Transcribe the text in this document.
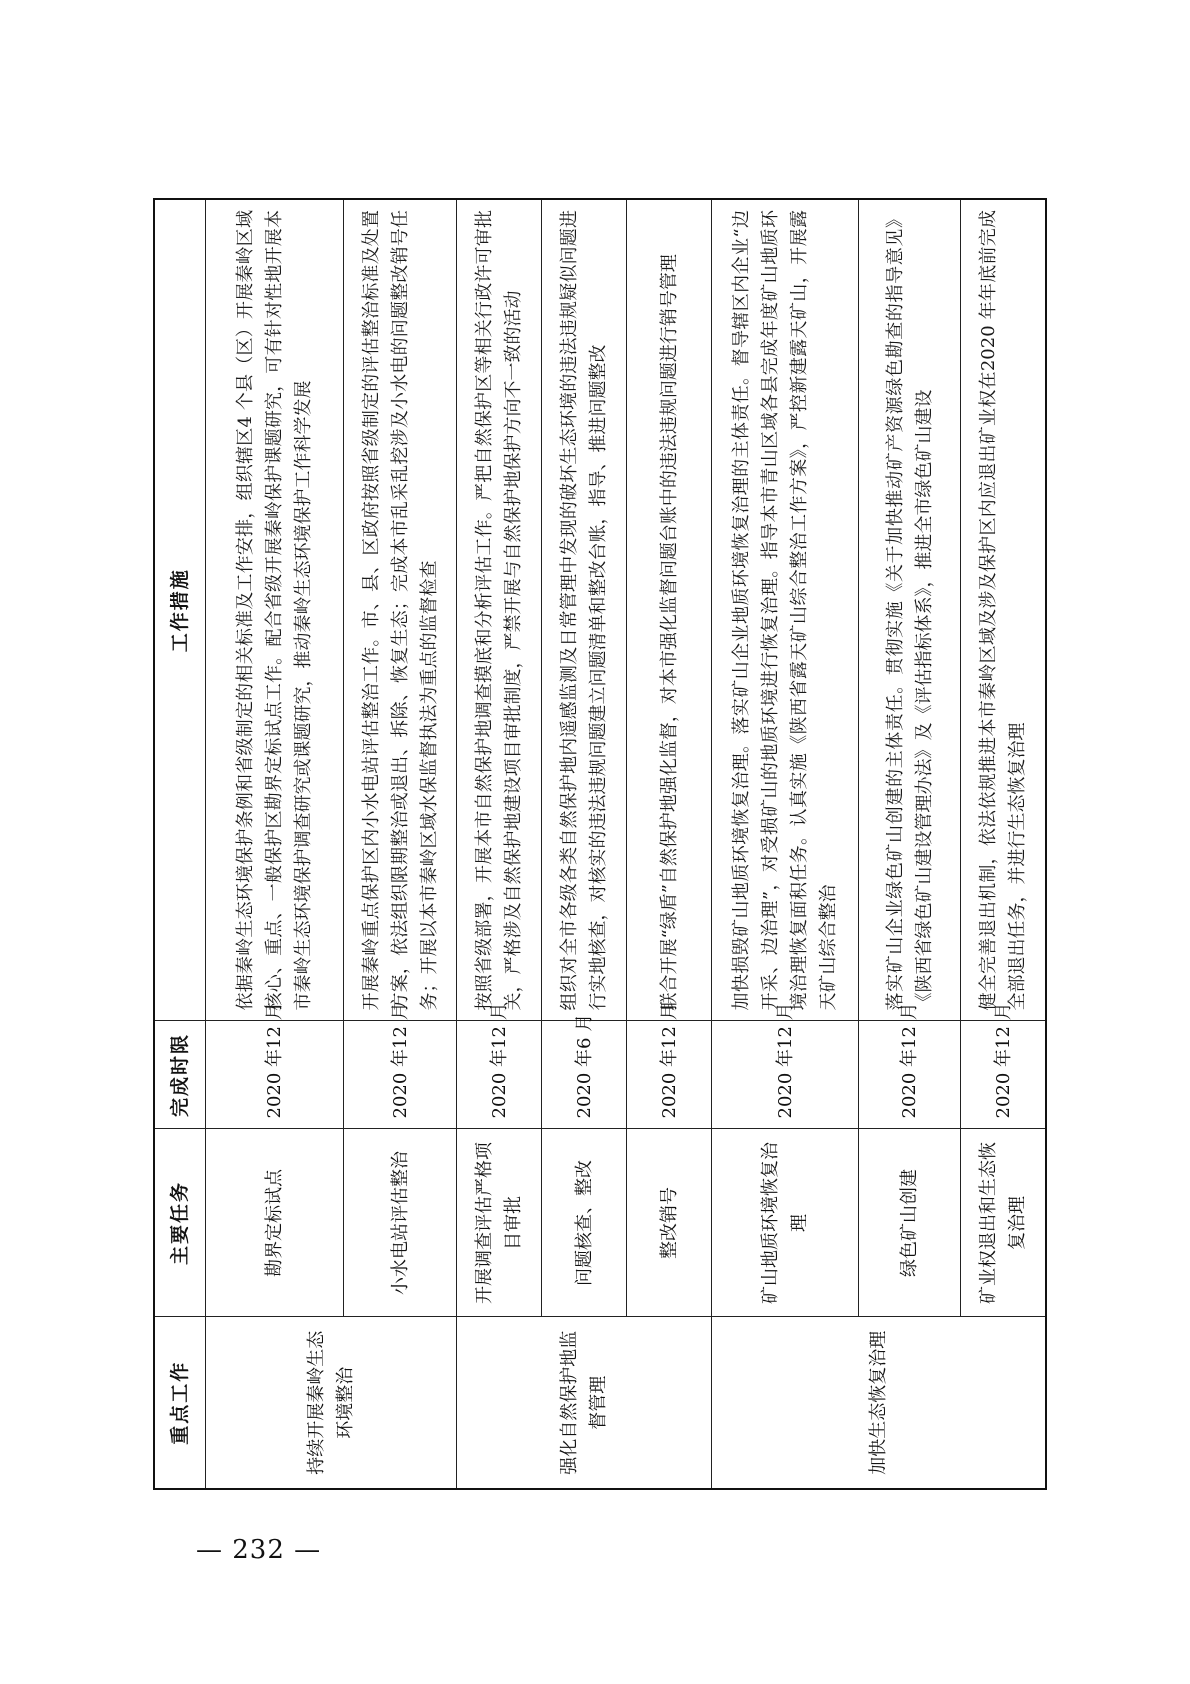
重点工作	主要任务	完成时限	工作措施
持续开展秦岭生态环境整治	勘界定标试点	2020 年12 月	依据秦岭生态环境保护条例和省级制定的相关标准及工作安排，组织辖区4 个县（区）开展秦岭区域核心、重点、一般保护区勘界定标试点工作。配合省级开展秦岭保护课题研究，可有针对性地开展本市秦岭生态环境保护调查研究或课题研究，推动秦岭生态环境保护工作科学发展
	小水电站评估整治	2020 年12 月	开展秦岭重点保护区内小水电站评估整治工作。市、县、区政府按照省级制定的评估整治标准及处置方案，依法组织限期整治或退出、拆除、恢复生态；完成本市乱采乱挖涉及小水电的问题整改销号任务；开展以本市秦岭区域水保监督执法为重点的监督检查
强化自然保护地监督管理	开展调查评估严格项目审批	2020 年12 月	按照省级部署，开展本市自然保护地调查摸底和分析评估工作。严把自然保护区等相关行政许可审批关，严格涉及自然保护地建设项目审批制度，严禁开展与自然保护地保护方向不一致的活动
	问题核查、整改	2020 年6 月	组织对全市各级各类自然保护地内遥感监测及日常管理中发现的破坏生态环境的违法违规疑似问题进行实地核查，对核实的违法违规问题建立问题清单和整改台账，指导、推进问题整改
	整改销号	2020 年12 月	联合开展“绿盾”自然保护地强化监督，对本市强化监督问题台账中的违法违规问题进行销号管理
加快生态恢复治理	矿山地质环境恢复治理	2020 年12 月	加快损毁矿山地质环境恢复治理。落实矿山企业地质环境恢复治理的主体责任。督导辖区内企业“边开采、边治理”，对受损矿山的地质环境进行恢复治理。指导本市青山区域各县完成年度矿山地质环境治理恢复面积任务。认真实施《陕西省露天矿山综合整治工作方案》，严控新建露天矿山，开展露天矿山综合整治
	绿色矿山创建	2020 年12 月	落实矿山企业绿色矿山创建的主体责任。贯彻实施《关于加快推动矿产资源绿色勘查的指导意见》《陕西省绿色矿山建设管理办法》及《评估指标体系》，推进全市绿色矿山建设
	矿业权退出和生态恢复治理	2020 年12 月	健全完善退出机制，依法依规推进本市秦岭区域及涉及保护区内应退出矿业权在2020 年年底前完成全部退出任务，并进行生态恢复治理
— 232 —
